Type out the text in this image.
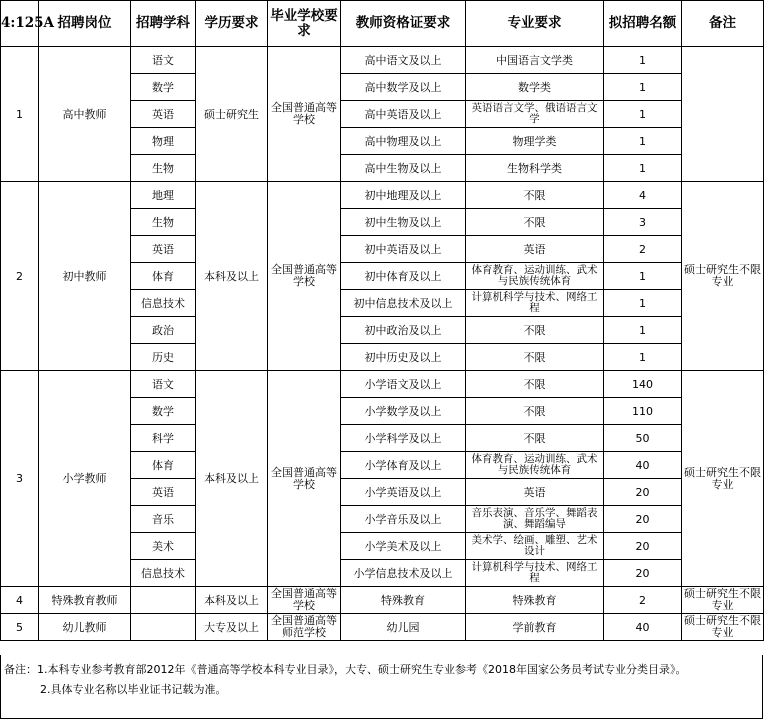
4:125A	招聘岗位	招聘学科	学历要求	毕业学校要求	教师资格证要求	专业要求	拟招聘名额	备注
1	高中教师	语文	硕士研究生	全国普通高等学校	高中语文及以上	中国语言文学类	1	
		数学			高中数学及以上	数学类	1	
		英语			高中英语及以上	英语语言文学、俄语语言文学	1	
		物理			高中物理及以上	物理学类	1	
		生物			高中生物及以上	生物科学类	1	
2	初中教师	地理	本科及以上	全国普通高等学校	初中地理及以上	不限	4	硕士研究生不限专业
		生物			初中生物及以上	不限	3	
		英语			初中英语及以上	英语	2	
		体育			初中体育及以上	体育教育、运动训练、武术与民族传统体育	1	
		信息技术			初中信息技术及以上	计算机科学与技术、网络工程	1	
		政治			初中政治及以上	不限	1	
		历史			初中历史及以上	不限	1	
3	小学教师	语文	本科及以上	全国普通高等学校	小学语文及以上	不限	140	硕士研究生不限专业
		数学			小学数学及以上	不限	110	
		科学			小学科学及以上	不限	50	
		体育			小学体育及以上	体育教育、运动训练、武术与民族传统体育	40	
		英语			小学英语及以上	英语	20	
		音乐			小学音乐及以上	音乐表演、音乐学、舞蹈表演、舞蹈编导	20	
		美术			小学美术及以上	美术学、绘画、雕塑、艺术设计	20	
		信息技术			小学信息技术及以上	计算机科学与技术、网络工程	20	
4	特殊教育教师		本科及以上	全国普通高等学校	特殊教育	特殊教育	2	硕士研究生不限专业
5	幼儿教师		大专及以上	全国普通高等师范学校	幼儿园	学前教育	40	硕士研究生不限专业
备注：1.本科专业参考教育部2012年《普通高等学校本科专业目录》，大专、硕士研究生专业参考《2018年国家公务员考试专业分类目录》。
2.具体专业名称以毕业证书记载为准。
